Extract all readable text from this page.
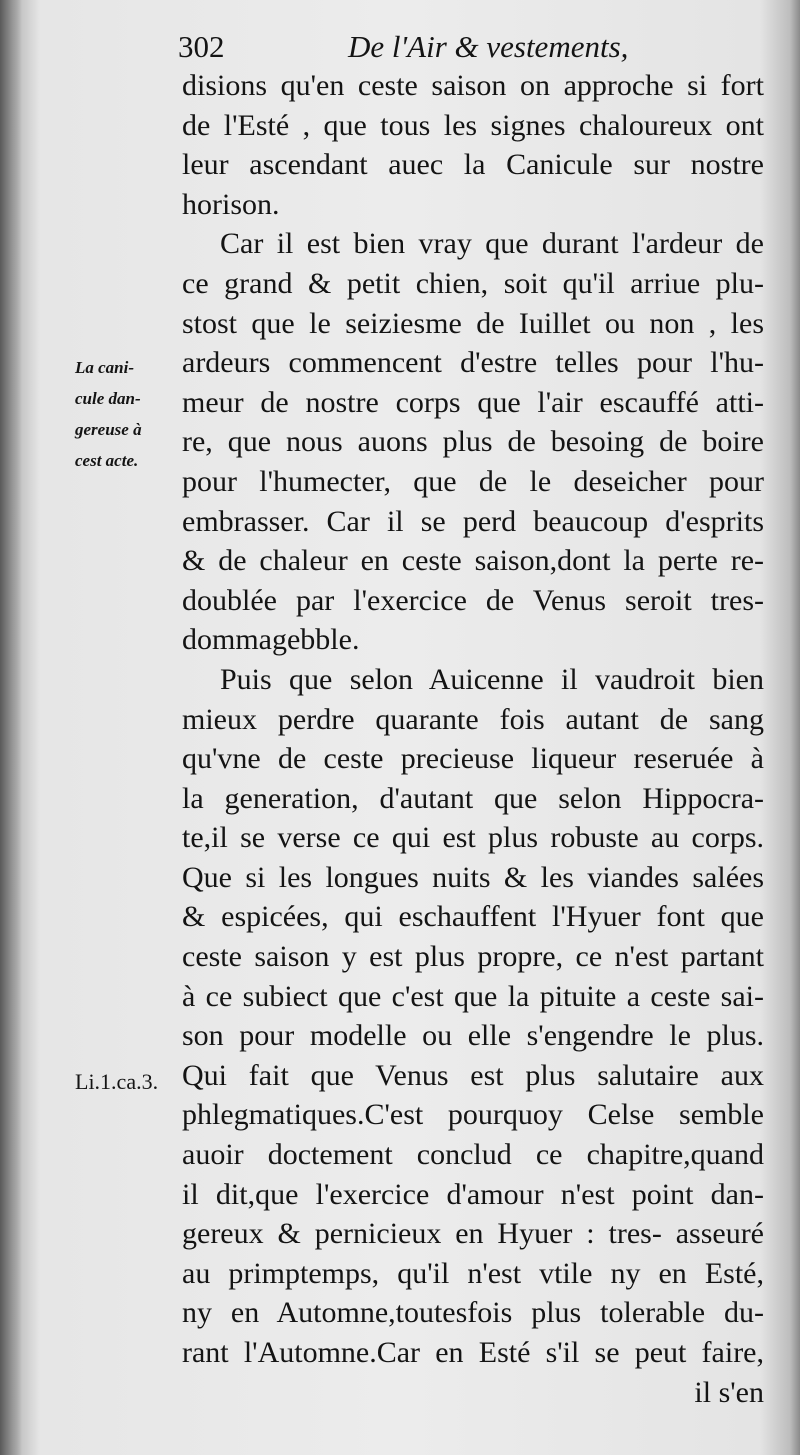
302	De l'Air & vestements,
La cani-
cule dan-
gereuse à
cest acte.
Li.1.ca.3.
disions qu'en ceste saison on approche si fort
de l'Esté , que tous les signes chaloureux ont
leur ascendant auec la Canicule sur nostre
horison.
Car il est bien vray que durant l'ardeur de
ce grand & petit chien, soit qu'il arriue plu-
stost que le seiziesme de Iuillet ou non , les
ardeurs commencent d'estre telles pour l'hu-
meur de nostre corps que l'air escauffé atti-
re, que nous auons plus de besoing de boire
pour l'humecter, que de le deseicher pour
embrasser. Car il se perd beaucoup d'esprits
& de chaleur en ceste saison,dont la perte re-
doublée par l'exercice de Venus seroit tres-
dommagebble.
Puis que selon Auicenne il vaudroit bien
mieux perdre quarante fois autant de sang
qu'vne de ceste precieuse liqueur reseruée à
la generation, d'autant que selon Hippocra-
te,il se verse ce qui est plus robuste au corps.
Que si les longues nuits & les viandes salées
& espicées, qui eschauffent l'Hyuer font que
ceste saison y est plus propre, ce n'est partant
à ce subiect que c'est que la pituite a ceste sai-
son pour modelle ou elle s'engendre le plus.
Qui fait que Venus est plus salutaire aux
phlegmatiques.C'est pourquoy Celse semble
auoir doctement conclud ce chapitre,quand
il dit,que l'exercice d'amour n'est point dan-
gereux & pernicieux en Hyuer : tres- asseuré
au primptemps, qu'il n'est vtile ny en Esté,
ny en Automne,toutesfois plus tolerable du-
rant l'Automne.Car en Esté s'il se peut faire,
il s'en
